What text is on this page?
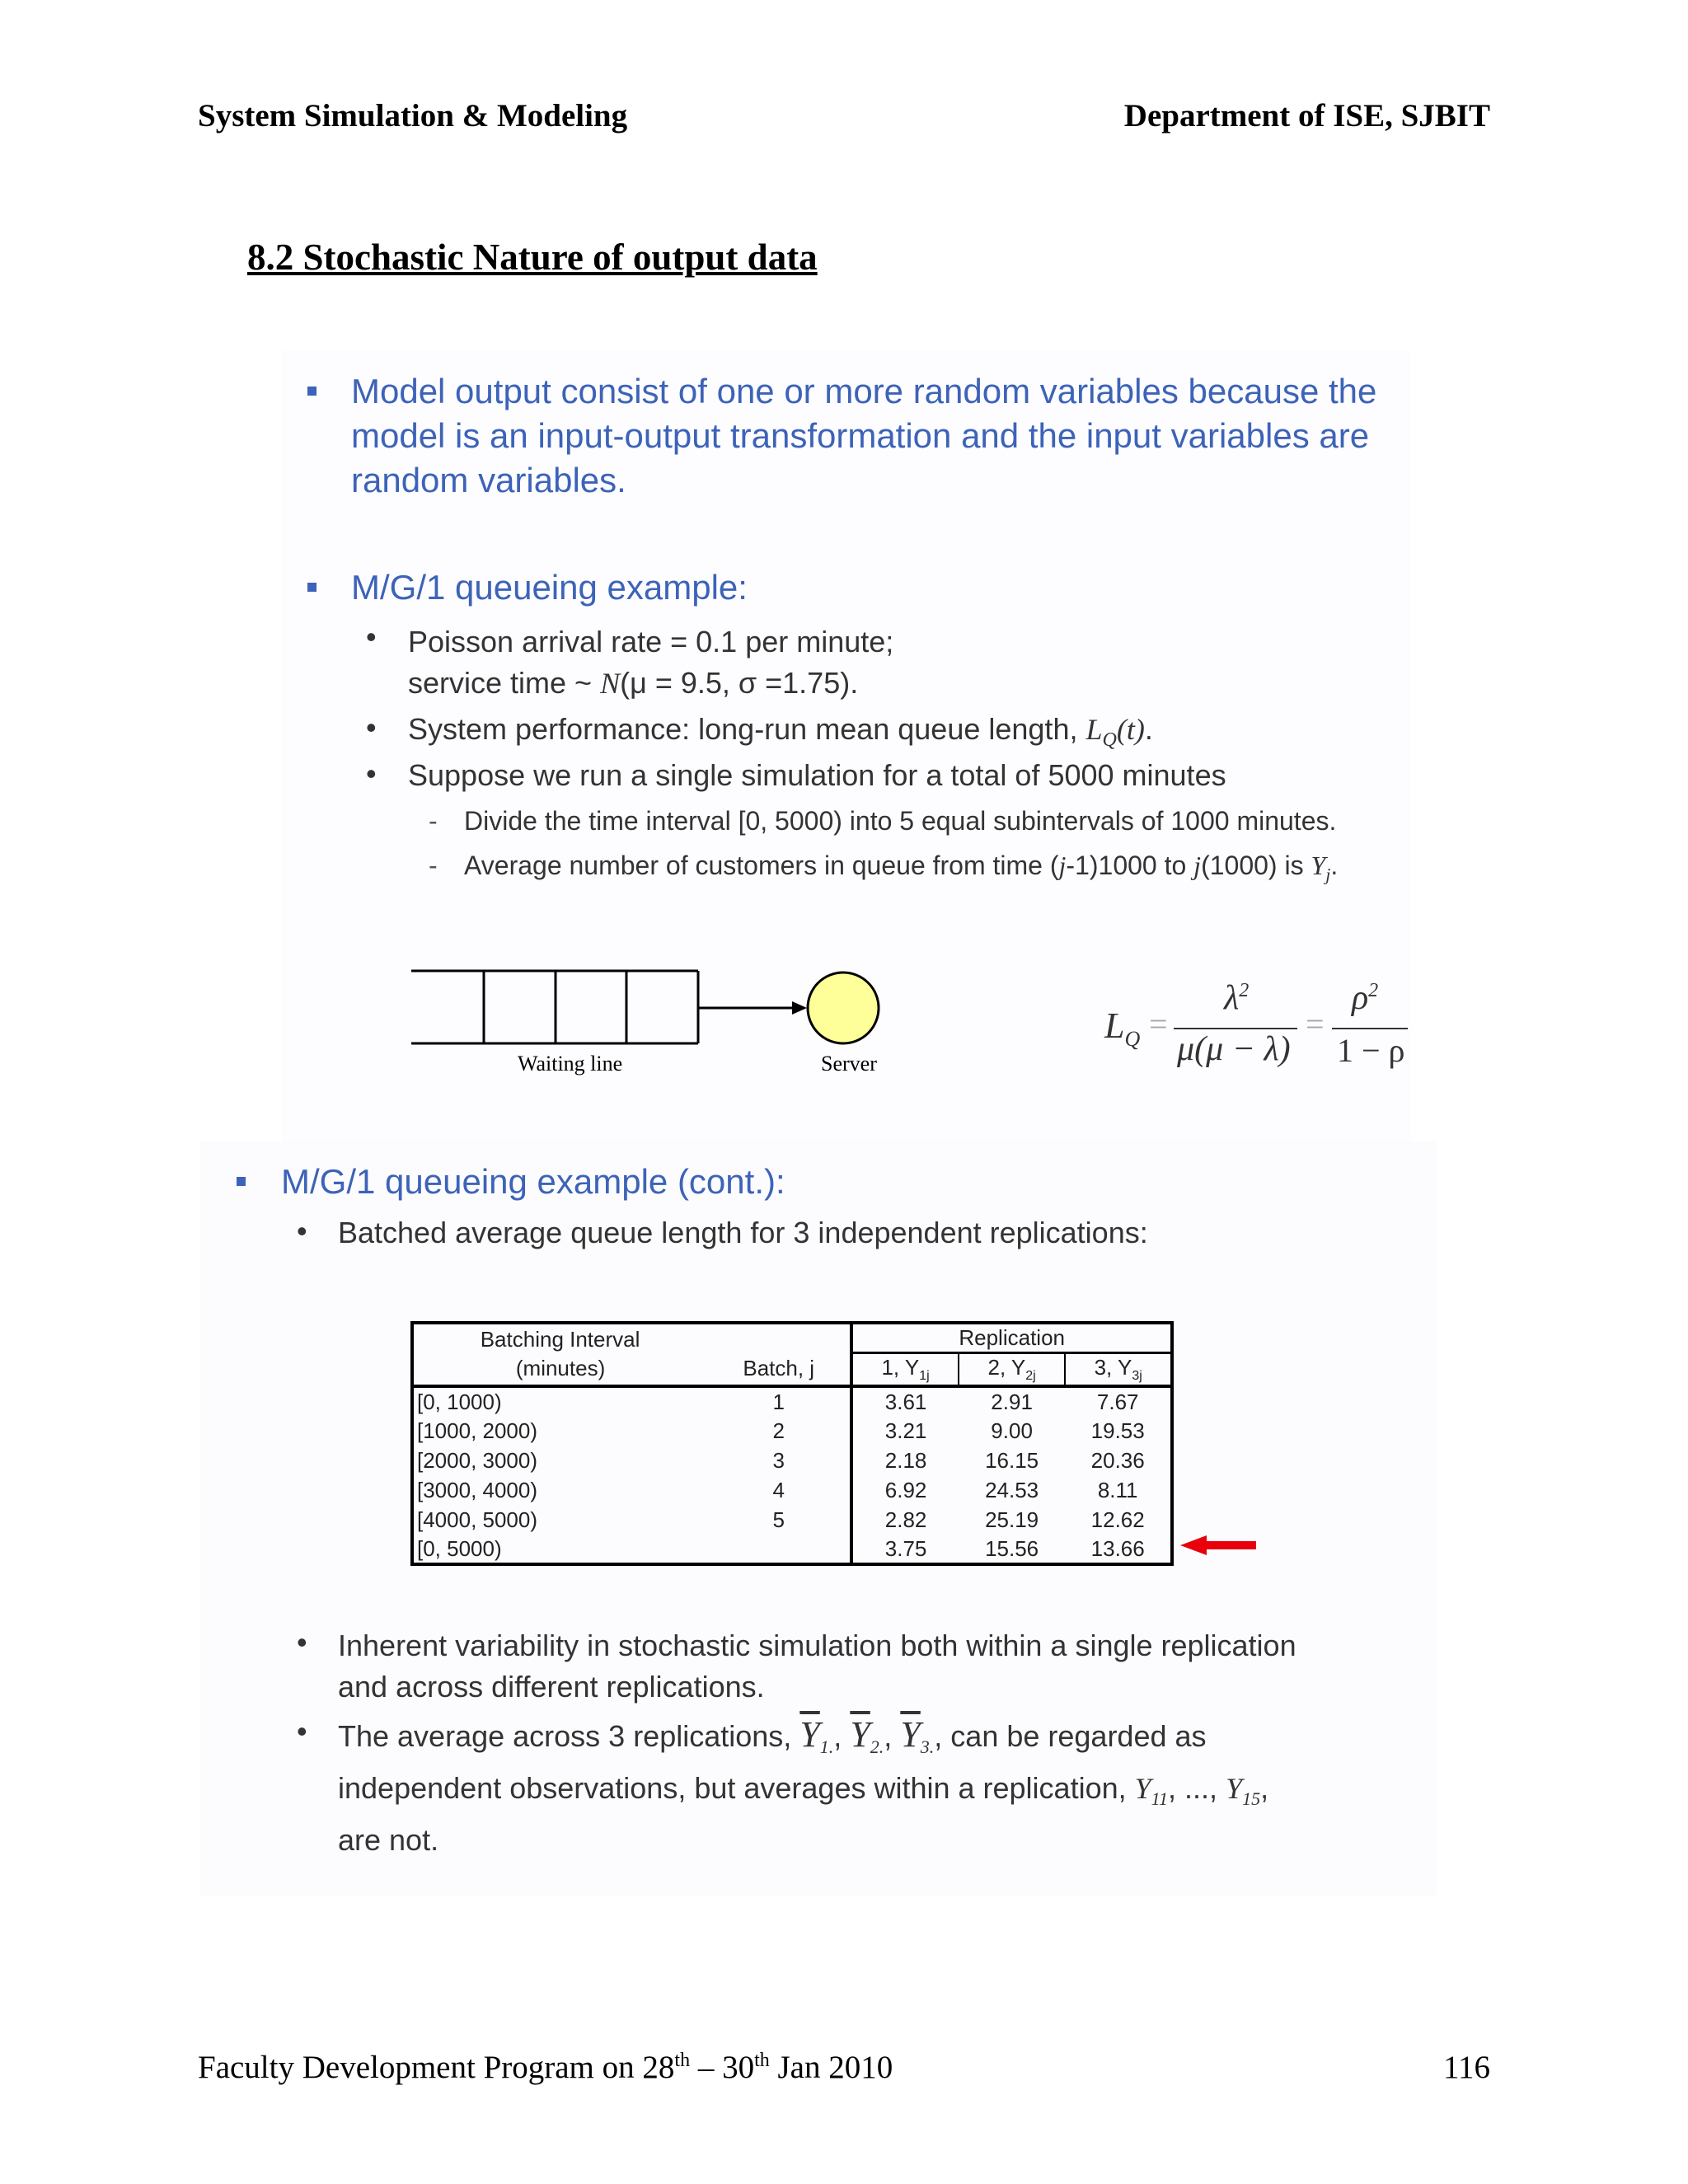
System Simulation & Modeling	Department of ISE, SJBIT
8.2 Stochastic Nature of output data
Model output consist of one or more random variables because the
model is an input-output transformation and the input variables are
random variables.
M/G/1 queueing example:
• Poisson arrival rate = 0.1 per minute;
service time ~ N(μ = 9.5, σ =1.75).
• System performance: long-run mean queue length, $L_Q(t)$.
• Suppose we run a single simulation for a total of 5000 minutes
- Divide the time interval [0, 5000) into 5 equal subintervals of 1000 minutes.
- Average number of customers in queue from time (j-1)1000 to j(1000) is $Y_j$.
Waiting line	Server
$L_Q$ =
$\lambda^2$
μ(μ − λ)
=
$\rho^2$
1 − ρ
M/G/1 queueing example (cont.):
• Batched average queue length for 3 independent replications:
Batching Interval		Replication		
(minutes)	Batch, j	1, $Y_{1j}$	2, $Y_{2j}$	3, $Y_{3j}$
[0, 1000)	1	3.61	2.91	7.67
[1000, 2000)	2	3.21	9.00	19.53
[2000, 3000)	3	2.18	16.15	20.36
[3000, 4000)	4	6.92	24.53	8.11
[4000, 5000)	5	2.82	25.19	12.62
[0, 5000)		3.75	15.56	13.66
• Inherent variability in stochastic simulation both within a single replication
and across different replications.
• The average across 3 replications, $\overline{Y}_{1.}$, $\overline{Y}_{2.}$, $\overline{Y}_{3.}$, can be regarded as
independent observations, but averages within a replication, $Y_{11}$, ..., $Y_{15}$,
are not.
Faculty Development Program on 28th – 30th Jan 2010	116
